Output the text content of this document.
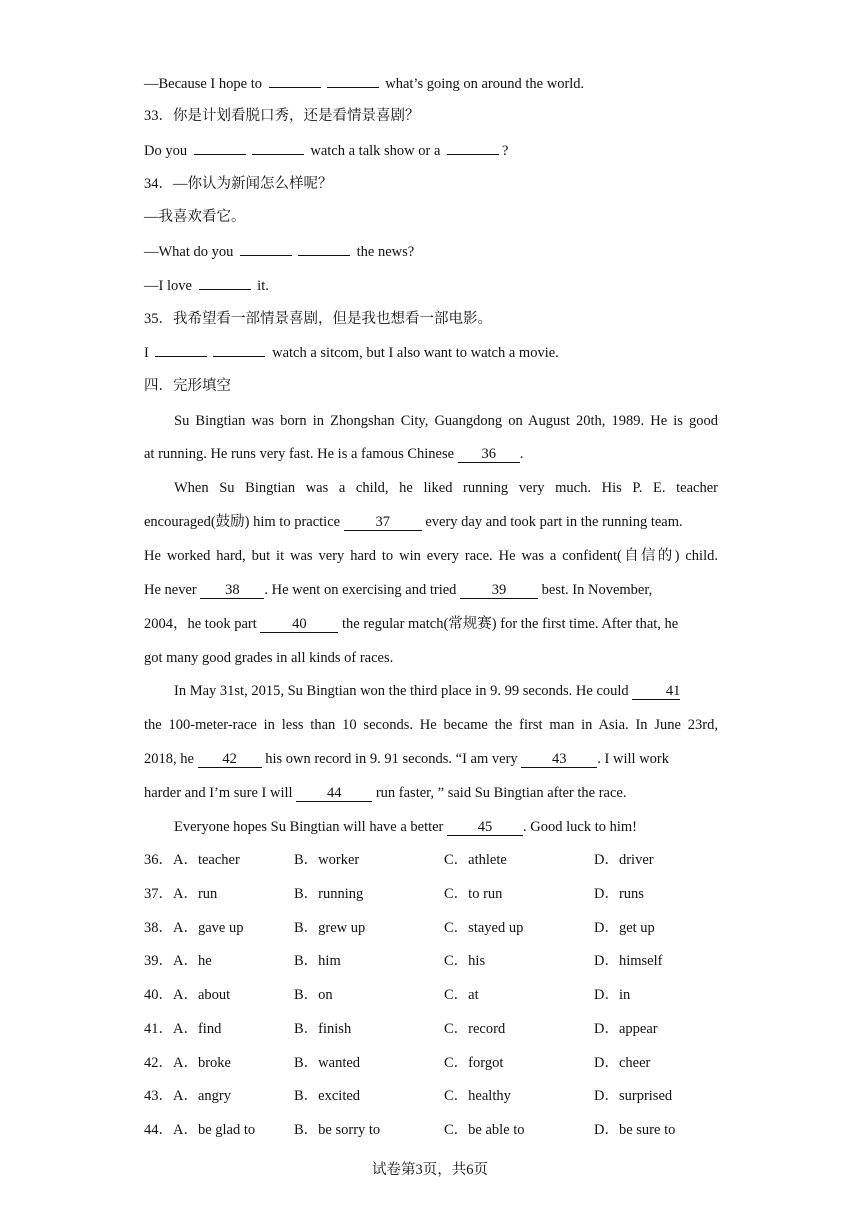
—Because I hope to	what’s going on around the world.
33．你是计划看脱口秀，还是看情景喜剧？
Do you	watch a talk show or a	?
34．—你认为新闻怎么样呢？
—我喜欢看它。
—What do you	the news?
—I love	it.
35．我希望看一部情景喜剧，但是我也想看一部电影。
I	watch a sitcom, but I also want to watch a movie.
四．完形填空
Su Bingtian was born in Zhongshan City, Guangdong on August 20th, 1989. He is good
at running. He runs very fast. He is a famous Chinese 36 .
When Su Bingtian was a child, he liked running very much. His P. E. teacher
encouraged(鼓励) him to practice 37 every day and took part in the running team.
He worked hard, but it was very hard to win every race. He was a confident(自信的) child.
He never 38 . He went on exercising and tried 39 best. In November,
2004，he took part 40 the regular match(常规赛) for the first time. After that, he
got many good grades in all kinds of races.
In May 31st, 2015, Su Bingtian won the third place in 9. 99 seconds. He could	41
the 100-meter-race in less than 10 seconds. He became the first man in Asia. In June 23rd,
2018, he 42 his own record in 9. 91 seconds. “I am very 43 . I will work
harder and I’m sure I will 44 run faster, ” said Su Bingtian after the race.
Everyone hopes Su Bingtian will have a better 45 . Good luck to him!
36．A．teacher	B．worker	C．athlete	D．driver
37．A．run	B．running	C．to run	D．runs
38．A．gave up	B．grew up	C．stayed up	D．get up
39．A．he	B．him	C．his	D．himself
40．A．about	B．on	C．at	D．in
41．A．find	B．finish	C．record	D．appear
42．A．broke	B．wanted	C．forgot	D．cheer
43．A．angry	B．excited	C．healthy	D．surprised
44．A．be glad to	B．be sorry to	C．be able to	D．be sure to
试卷第3页，共6页
